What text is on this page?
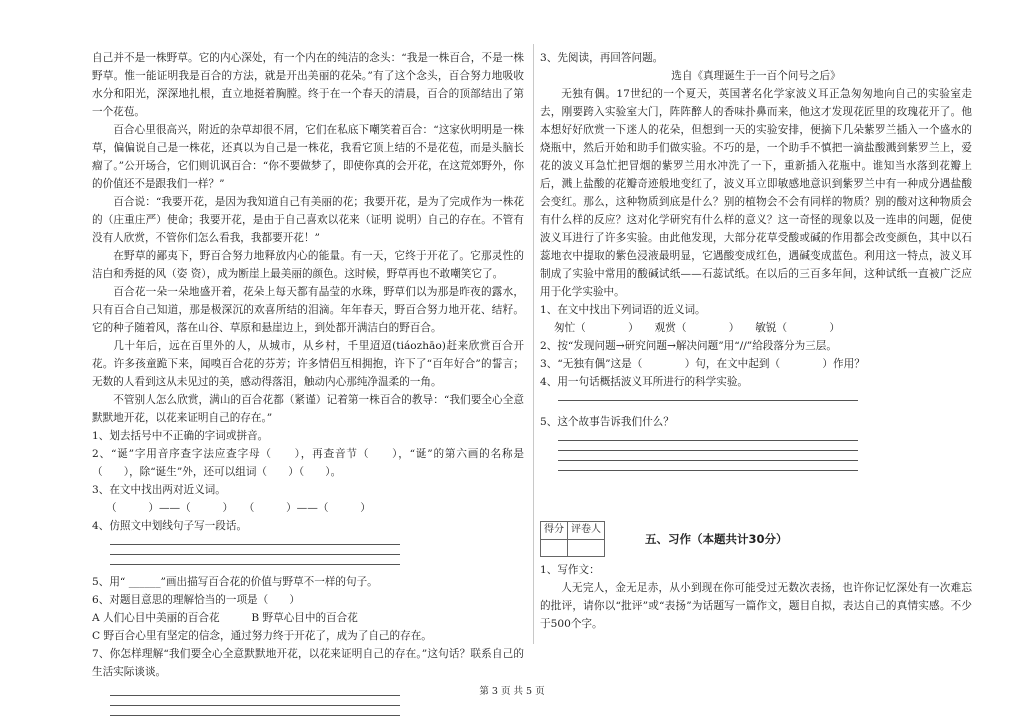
自己并不是一株野草。它的内心深处，有一个内在的纯洁的念头：“我是一株百合，不是一株野草。惟一能证明我是百合的方法，就是开出美丽的花朵。”有了这个念头，百合努力地吸收水分和阳光，深深地扎根，直立地挺着胸膛。终于在一个春天的清晨，百合的顶部结出了第一个花苞。

百合心里很高兴，附近的杂草却很不屑，它们在私底下嘲笑着百合：“这家伙明明是一株草，偏偏说自己是一株花，还真以为自己是一株花，我看它顶上结的不是花苞，而是头脑长瘤了。”公开场合，它们则讥讽百合：“你不要做梦了，即使你真的会开花，在这荒郊野外，你的价值还不是跟我们一样？”

百合说：“我要开花，是因为我知道自己有美丽的花；我要开花，是为了完成作为一株花的（庄重庄严）使命；我要开花，是由于自己喜欢以花来（证明 说明）自己的存在。不管有没有人欣赏，不管你们怎么看我，我都要开花！”

在野草的鄙夷下，野百合努力地释放内心的能量。有一天，它终于开花了。它那灵性的洁白和秀挺的风（姿 资），成为断崖上最美丽的颜色。这时候，野草再也不敢嘲笑它了。

百合花一朵一朵地盛开着，花朵上每天都有晶莹的水珠，野草们以为那是昨夜的露水，只有百合自己知道，那是极深沉的欢喜所结的泪滴。年年春天，野百合努力地开花、结籽。它的种子随着风，落在山谷、草原和悬崖边上，到处都开满洁白的野百合。

几十年后，远在百里外的人，从城市，从乡村，千里迢迢(tiáozhāo)赶来欣赏百合开花。许多孩童跪下来，闻嗅百合花的芬芳；许多情侣互相拥抱，许下了“百年好合”的誓言；无数的人看到这从未见过的美，感动得落泪，触动内心那纯净温柔的一角。

不管别人怎么欣赏，满山的百合花都（紧谨）记着第一株百合的教导：“我们要全心全意默默地开花，以花来证明自己的存在。”

1、划去括号中不正确的字词或拼音。

2、“诞”字用音序查字法应查字母（　　），再查音节（　　），“诞”的第六画的名称是（　　），除“诞生”外，还可以组词（　　）（　　）。

3、在文中找出两对近义词。

（　　　）——（　　　）　　（　　　）——（　　　）

4、仿照文中划线句子写一段话。

5、用“ ______”画出描写百合花的价值与野草不一样的句子。

6、对题目意思的理解恰当的一项是（　　）

A 人们心目中美丽的百合花　　　B 野草心目中的百合花

C 野百合心里有坚定的信念，通过努力终于开花了，成为了自己的存在。

7、你怎样理解“我们要全心全意默默地开花，以花来证明自己的存在。”这句话？联系自己的生活实际谈谈。

3、先阅读，再回答问题。

选自《真理诞生于一百个问号之后》

无独有偶。17世纪的一个夏天，英国著名化学家波义耳正急匆匆地向自己的实验室走去，刚要跨入实验室大门，阵阵醉人的香味扑鼻而来，他这才发现花匠里的玫瑰花开了。他本想好好欣赏一下迷人的花朵，但想到一天的实验安排，便摘下几朵紫罗兰插入一个盛水的烧瓶中，然后开始和助手们做实验。不巧的是，一个助手不慎把一滴盐酸溅到紫罗兰上，爱花的波义耳急忙把冒烟的紫罗兰用水冲洗了一下，重新插入花瓶中。谁知当水落到花瓣上后，溅上盐酸的花瓣奇迹般地变红了，波义耳立即敏感地意识到紫罗兰中有一种成分遇盐酸会变红。那么，这种物质到底是什么？别的植物会不会有同样的物质？别的酸对这种物质会有什么样的反应？这对化学研究有什么样的意义？这一奇怪的现象以及一连串的问题，促使波义耳进行了许多实验。由此他发现，大部分花草受酸或碱的作用都会改变颜色，其中以石蕊地衣中提取的紫色浸液最明显，它遇酸变成红色，遇碱变成蓝色。利用这一特点，波义耳制成了实验中常用的酸碱试纸——石蕊试纸。在以后的三百多年间，这种试纸一直被广泛应用于化学实验中。

1、在文中找出下列词语的近义词。

匆忙（　　　　）　　观赏（　　　　）　　敏锐（　　　　）

2、按“发现问题→研究问题→解决问题”用“//”给段落分为三层。

3、“无独有偶”这是（　　　　）句，在文中起到（　　　　）作用？

4、用一句话概括波义耳所进行的科学实验。

5、这个故事告诉我们什么？

得分 评卷人
五、习作（本题共计30分）

1、写作文：

人无完人，金无足赤，从小到现在你可能受过无数次表扬，也许你记忆深处有一次难忘的批评，请你以“批评”或“表扬”为话题写一篇作文，题目自拟，表达自己的真情实感。不少于500个字。

第 3 页 共 5 页
